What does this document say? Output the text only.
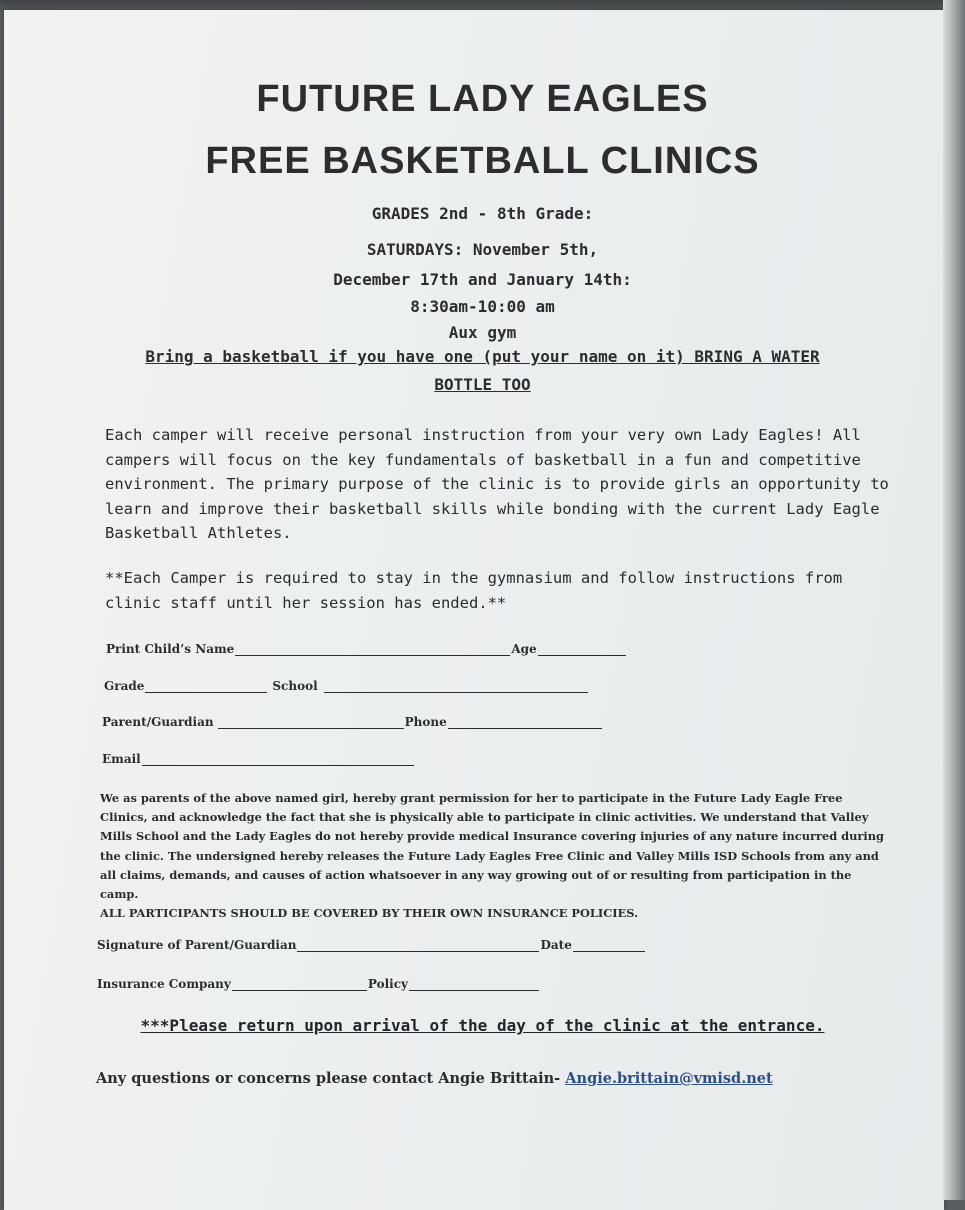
FUTURE LADY EAGLES
FREE BASKETBALL CLINICS
GRADES 2nd - 8th Grade:
SATURDAYS: November 5th,
December 17th and January 14th:
8:30am-10:00 am
Aux gym
Bring a basketball if you have one (put your name on it) BRING A WATER
BOTTLE TOO
Each camper will receive personal instruction from your very own Lady Eagles! All
campers will focus on the key fundamentals of basketball in a fun and competitive
environment. The primary purpose of the clinic is to provide girls an opportunity to
learn and improve their basketball skills while bonding with the current Lady Eagle
Basketball Athletes.
**Each Camper is required to stay in the gymnasium and follow instructions from
clinic staff until her session has ended.**
Print Child’s Name	Age
Grade	School
Parent/Guardian	Phone
Email
We as parents of the above named girl, hereby grant permission for her to participate in the Future Lady Eagle Free Clinics, and acknowledge the fact that she is physically able to participate in clinic activities. We understand that Valley Mills School and the Lady Eagles do not hereby provide medical Insurance covering injuries of any nature incurred during the clinic. The undersigned hereby releases the Future Lady Eagles Free Clinic and Valley Mills ISD Schools from any and all claims, demands, and causes of action whatsoever in any way growing out of or resulting from participation in the camp.
ALL PARTICIPANTS SHOULD BE COVERED BY THEIR OWN INSURANCE POLICIES.
Signature of Parent/Guardian	Date
Insurance Company	Policy
***Please return upon arrival of the day of the clinic at the entrance.
Any questions or concerns please contact Angie Brittain- Angie.brittain@vmisd.net
